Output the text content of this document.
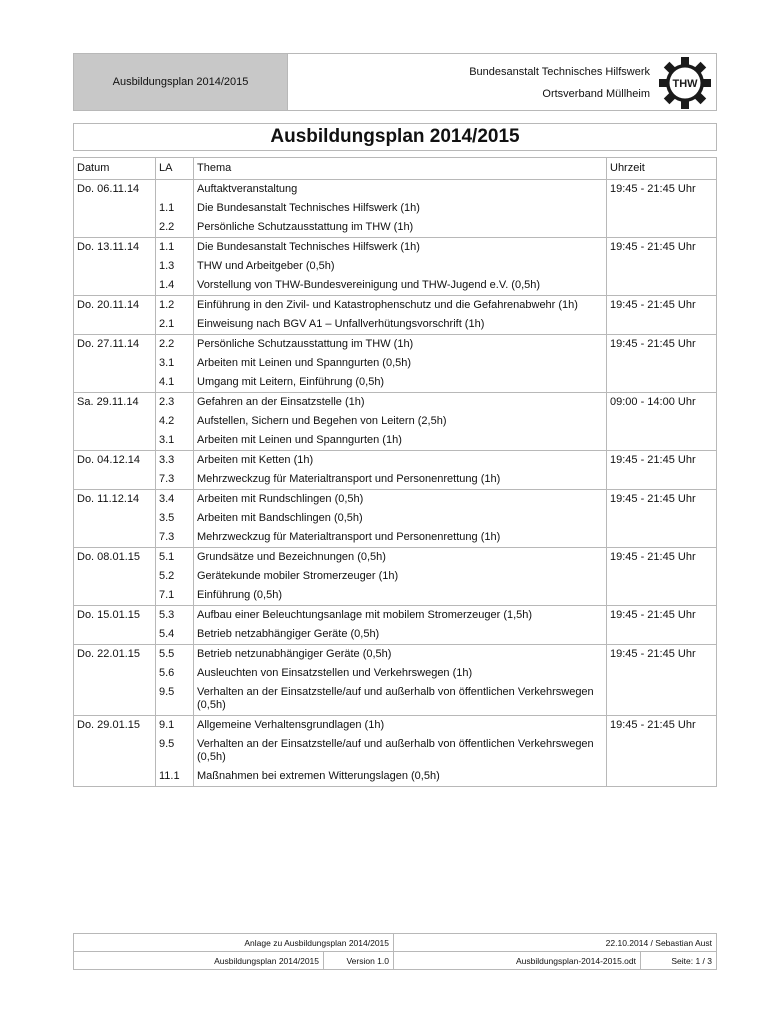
Ausbildungsplan 2014/2015
Bundesanstalt Technisches Hilfswerk
Ortsverband Müllheim
THW
Ausbildungsplan 2014/2015
Datum	LA	Thema	Uhrzeit
Do. 06.11.14		Auftaktveranstaltung	19:45 - 21:45 Uhr
	1.1	Die Bundesanstalt Technisches Hilfswerk (1h)	
	2.2	Persönliche Schutzausstattung im THW (1h)	
Do. 13.11.14	1.1	Die Bundesanstalt Technisches Hilfswerk (1h)	19:45 - 21:45 Uhr
	1.3	THW und Arbeitgeber (0,5h)	
	1.4	Vorstellung von THW-Bundesvereinigung und THW-Jugend e.V. (0,5h)	
Do. 20.11.14	1.2	Einführung in den Zivil- und Katastrophenschutz und die Gefahrenabwehr (1h)	19:45 - 21:45 Uhr
	2.1	Einweisung nach BGV A1 – Unfallverhütungsvorschrift (1h)	
Do. 27.11.14	2.2	Persönliche Schutzausstattung im THW (1h)	19:45 - 21:45 Uhr
	3.1	Arbeiten mit Leinen und Spanngurten (0,5h)	
	4.1	Umgang mit Leitern, Einführung (0,5h)	
Sa. 29.11.14	2.3	Gefahren an der Einsatzstelle (1h)	09:00 - 14:00 Uhr
	4.2	Aufstellen, Sichern und Begehen von Leitern (2,5h)	
	3.1	Arbeiten mit Leinen und Spanngurten (1h)	
Do. 04.12.14	3.3	Arbeiten mit Ketten (1h)	19:45 - 21:45 Uhr
	7.3	Mehrzweckzug für Materialtransport und Personenrettung (1h)	
Do. 11.12.14	3.4	Arbeiten mit Rundschlingen (0,5h)	19:45 - 21:45 Uhr
	3.5	Arbeiten mit Bandschlingen (0,5h)	
	7.3	Mehrzweckzug für Materialtransport und Personenrettung (1h)	
Do. 08.01.15	5.1	Grundsätze und Bezeichnungen (0,5h)	19:45 - 21:45 Uhr
	5.2	Gerätekunde mobiler Stromerzeuger (1h)	
	7.1	Einführung (0,5h)	
Do. 15.01.15	5.3	Aufbau einer Beleuchtungsanlage mit mobilem Stromerzeuger (1,5h)	19:45 - 21:45 Uhr
	5.4	Betrieb netzabhängiger Geräte (0,5h)	
Do. 22.01.15	5.5	Betrieb netzunabhängiger Geräte (0,5h)	19:45 - 21:45 Uhr
	5.6	Ausleuchten von Einsatzstellen und Verkehrswegen (1h)	
	9.5	Verhalten an der Einsatzstelle/auf und außerhalb von öffentlichen Verkehrswegen (0,5h)	
Do. 29.01.15	9.1	Allgemeine Verhaltensgrundlagen (1h)	19:45 - 21:45 Uhr
	9.5	Verhalten an der Einsatzstelle/auf und außerhalb von öffentlichen Verkehrswegen (0,5h)	
	11.1	Maßnahmen bei extremen Witterungslagen (0,5h)	
Anlage zu Ausbildungsplan 2014/2015		22.10.2014 / Sebastian Aust	
Ausbildungsplan 2014/2015	Version 1.0	Ausbildungsplan-2014-2015.odt	Seite: 1 / 3
